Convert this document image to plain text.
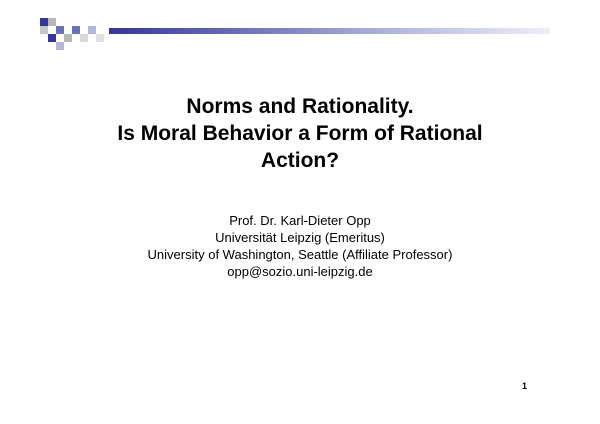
Norms and Rationality.
Is Moral Behavior a Form of Rational
Action?
Prof. Dr. Karl-Dieter Opp
Universität Leipzig (Emeritus)
University of Washington, Seattle (Affiliate Professor)
opp@sozio.uni-leipzig.de
1
